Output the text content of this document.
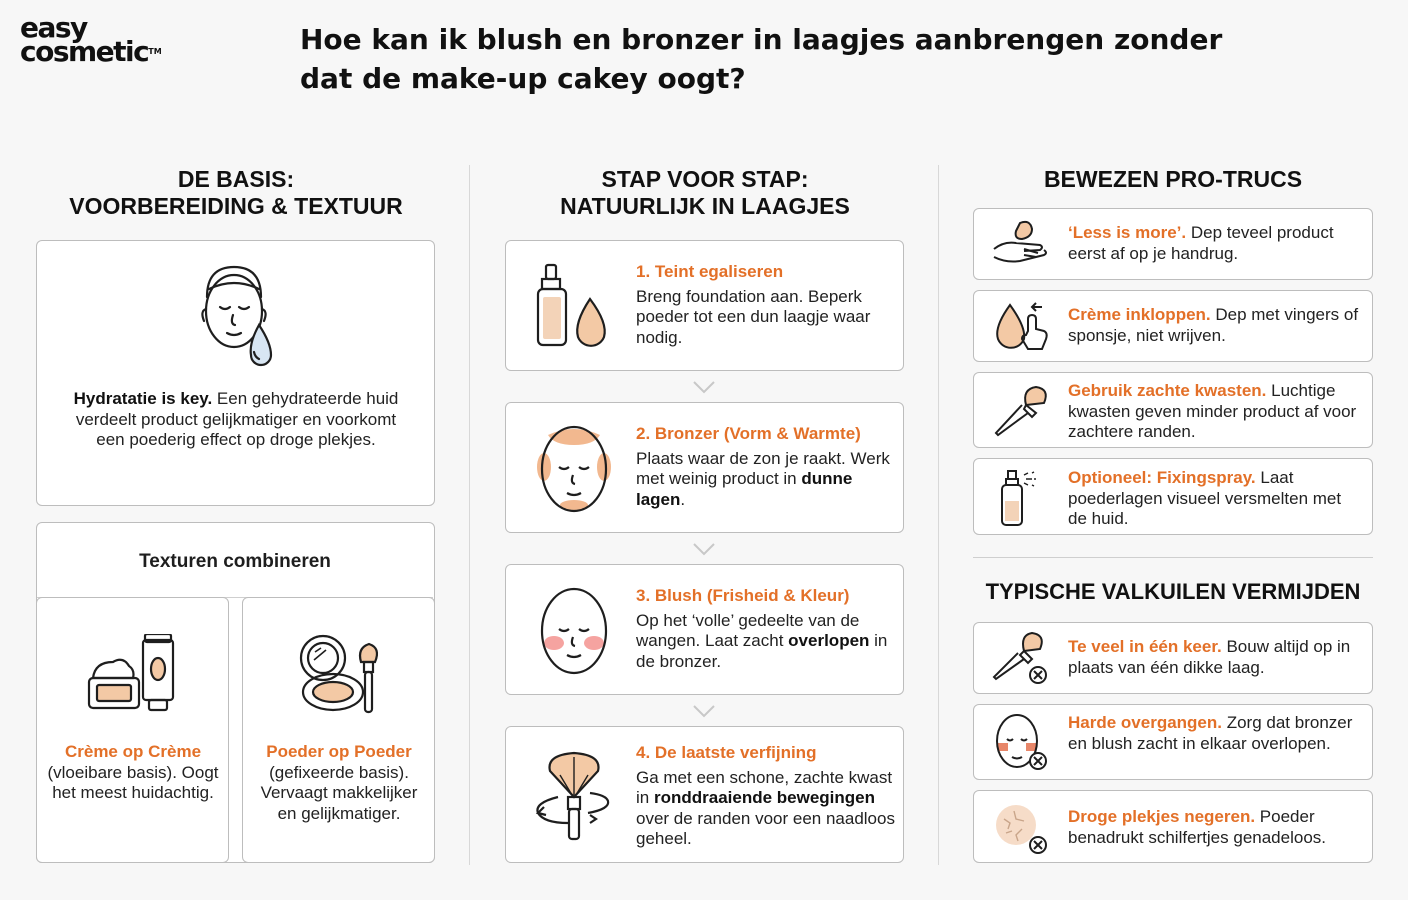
easy
cosmetic™	Hoe kan ik blush en bronzer in laagjes aanbrengen zonder dat de make-up cakey oogt?
DE BASIS:
VOORBEREIDING & TEXTUUR
Hydratatie is key. Een gehydrateerde huid verdeelt product gelijkmatiger en voorkomt een poederig effect op droge plekjes.
Texturen combineren
Crème op Crème
(vloeibare basis). Oogt het meest huidachtig.
Poeder op Poeder
(gefixeerde basis). Vervaagt makkelijker en gelijkmatiger.
STAP VOOR STAP:
NATUURLIJK IN LAAGJES
1. Teint egaliseren
Breng foundation aan. Beperk poeder tot een dun laagje waar nodig.
2. Bronzer (Vorm & Warmte)
Plaats waar de zon je raakt. Werk met weinig product in dunne lagen.
3. Blush (Frisheid & Kleur)
Op het ‘volle’ gedeelte van de wangen. Laat zacht overlopen in de bronzer.
4. De laatste verfijning
Ga met een schone, zachte kwast in ronddraaiende bewegingen over de randen voor een naadloos geheel.
BEWEZEN PRO-TRUCS
‘Less is more’. Dep teveel product eerst af op je handrug.
Crème inkloppen. Dep met vingers of sponsje, niet wrijven.
Gebruik zachte kwasten. Luchtige kwasten geven minder product af voor zachtere randen.
Optioneel: Fixingspray. Laat poederlagen visueel versmelten met de huid.
TYPISCHE VALKUILEN VERMIJDEN
Te veel in één keer. Bouw altijd op in plaats van één dikke laag.
Harde overgangen. Zorg dat bronzer en blush zacht in elkaar overlopen.
Droge plekjes negeren. Poeder benadrukt schilfertjes genadeloos.
